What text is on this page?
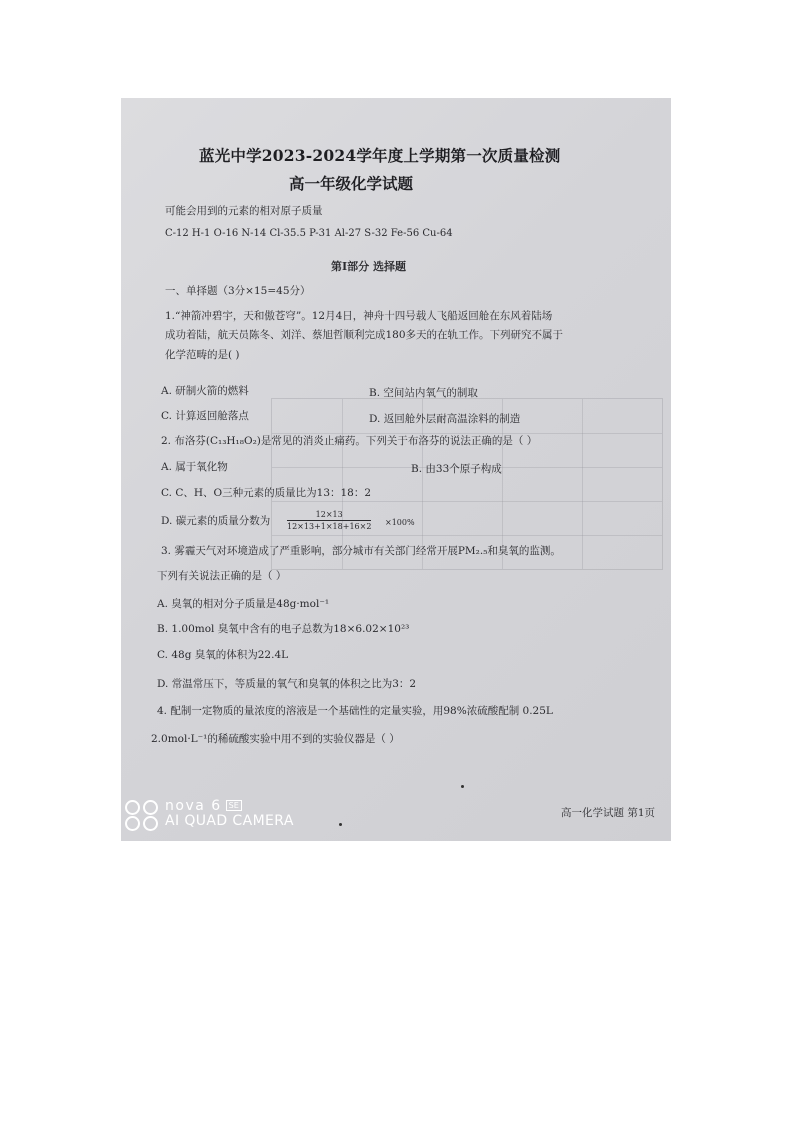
蓝光中学2023-2024学年度上学期第一次质量检测
高一年级化学试题
可能会用到的元素的相对原子质量
C-12 H-1 O-16 N-14 Cl-35.5 P-31 Al-27 S-32 Fe-56 Cu-64
第Ⅰ部分 选择题
一、单择题（3分×15=45分）
1.“神箭冲碧宇，天和傲苍穹”。12月4日，神舟十四号载人飞船返回舱在东风着陆场
成功着陆，航天员陈冬、刘洋、蔡旭哲顺利完成180多天的在轨工作。下列研究不属于
化学范畴的是( )
A. 研制火箭的燃料	B. 空间站内氧气的制取
C. 计算返回舱落点	D. 返回舱外层耐高温涂料的制造
2. 布洛芬(C₁₃H₁₈O₂)是常见的消炎止痛药。下列关于布洛芬的说法正确的是（ ）
A. 属于氧化物	B. 由33个原子构成
C. C、H、O三种元素的质量比为13：18：2
D. 碳元素的质量分数为 $\frac{12\times 13}{12\times 13+1\times 18+16\times 2} \times 100\%$
3. 雾霾天气对环境造成了严重影响，部分城市有关部门经常开展PM₂.₅和臭氧的监测。
下列有关说法正确的是（ ）
A. 臭氧的相对分子质量是48g·mol⁻¹
B. 1.00mol 臭氧中含有的电子总数为18×6.02×10²³
C. 48g 臭氧的体积为22.4L
D. 常温常压下，等质量的氧气和臭氧的体积之比为3：2
4. 配制一定物质的量浓度的溶液是一个基础性的定量实验，用98%浓硫酸配制 0.25L
2.0mol·L⁻¹的稀硫酸实验中用不到的实验仪器是（ ）
高一化学试题 第1页
nova 6 SE
AI QUAD CAMERA
